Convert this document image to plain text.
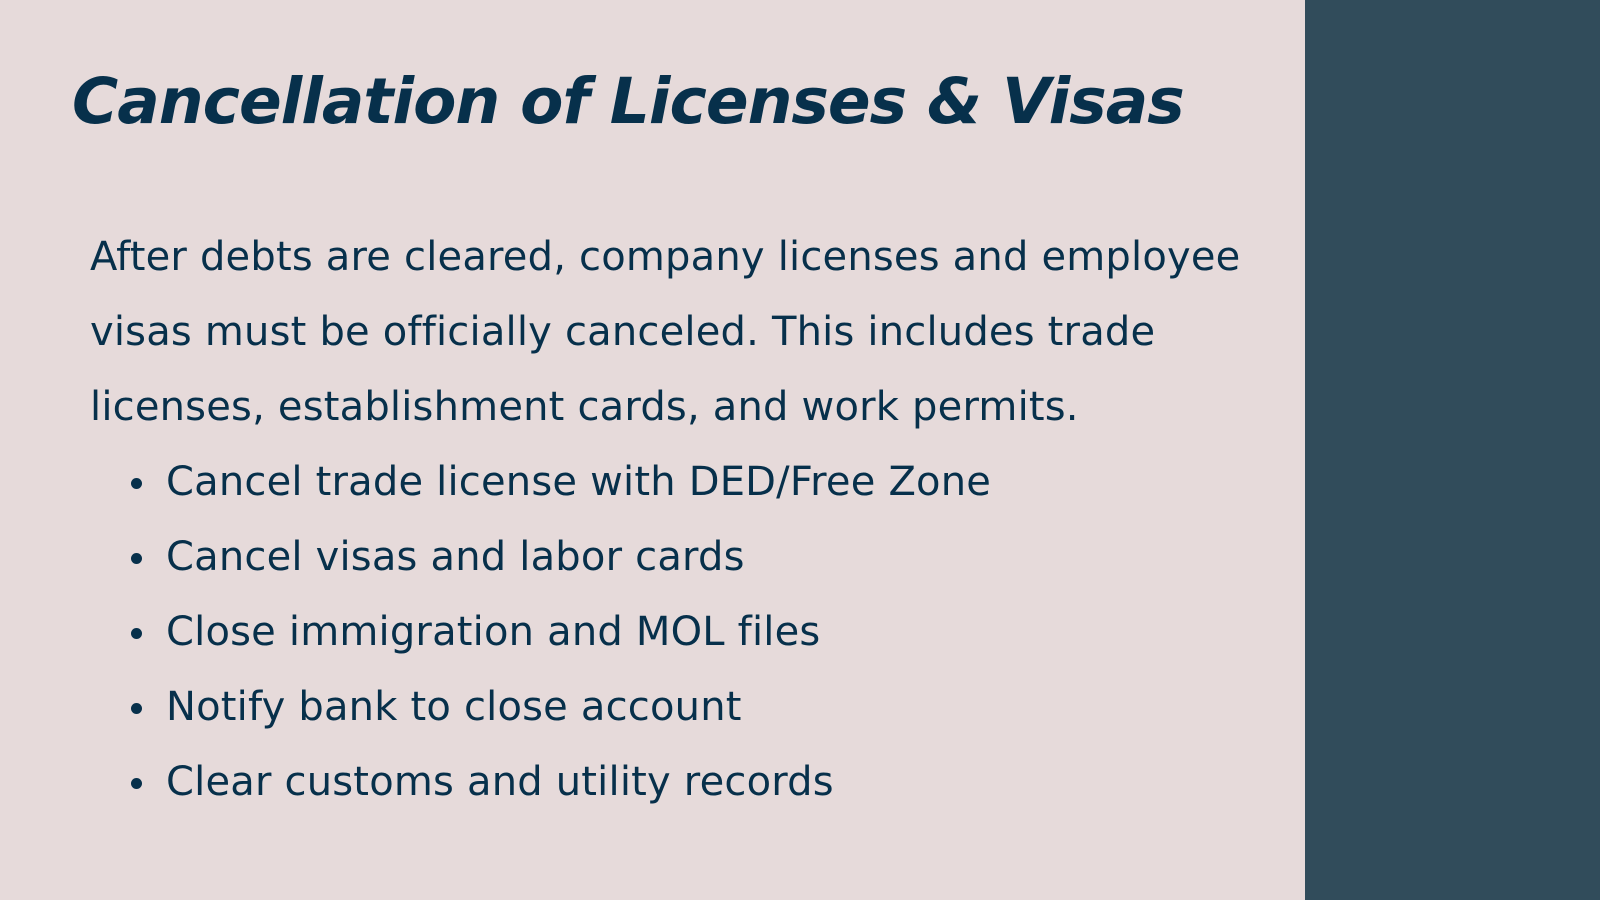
Cancellation of Licenses & Visas

After debts are cleared, company licenses and employee visas must be officially canceled. This includes trade licenses, establishment cards, and work permits.

Cancel trade license with DED/Free Zone
Cancel visas and labor cards
Close immigration and MOL files
Notify bank to close account
Clear customs and utility records
